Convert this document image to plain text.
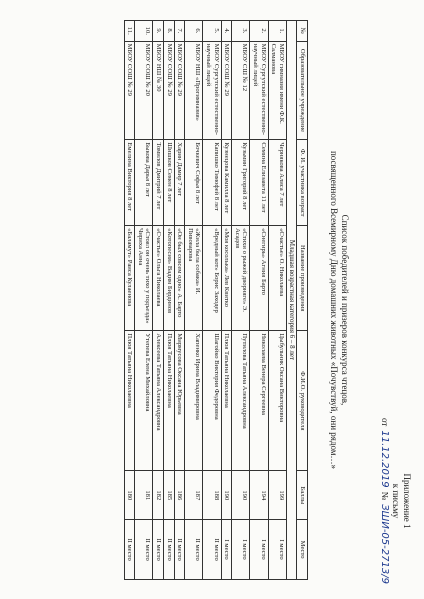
Приложение 1
к письму
от
11.12.2019
№
ЗШИ-05-2713/9
Список победителей и призеров конкурса чтецов,
посвященного Всемирному Дню домашних животных «Почувствуй, они рядом…»
№	Образовательное учреждение	Ф. И. участника возраст	Название произведения	Ф.И.О. руководителя	Баллы	Место
Младшая возрастная категория 6 – 8 лет						
1.	МБОУ гимназия имени Ф.К. Салманова	Чернякова Алиса 7 лет	«Счастье» О. Николаева	Цыбульник Оксана Викторовна	199	I место
2.	МБОУ Сургутский естественно-научный лицей	Семина Елизавета 11 лет	«Снегирь» Агния Барто	Николаева Венера Сергеевна	194	I место
3.	МБОУ СШ № 12	Кузьмин Григорий 8 лет	«Стихи о рыжей дворняге» Э. Асадов	Путилова Татьяна Александровна	190	I место
4.	МБОУ СОШ № 29	Кузнецова Камилла 8 лет	«Моя косолька» Лев Квитко	Плюя Татьяна Николаевна	190	I место
5.	МБОУ Сургутский естественно-научный лицей	Капишко Тимофей 8 лет	«Вредный кот» Борис Заходер	Шагойко Виктория Федоровна	188	II место
6.	МБОУ НШ «Прогимназия»	Бочкевич Софья 8 лет	«Жила была собака» И. Пивоварова	Хапенко Ирина Владимировна	187	II место
7.	МБОУ СОШ № 29	Харин Дамир 7 лет	«Он был совсем одно» А. Барто	Мирмусова Оксана Юрьевна	186	II место
8.	МБОУ СОШ № 29	Шишков Семен 8 лет	«Котопесия» Вадим Бирдинов	Плюя Татьяна Николаевна	185	II место
9.	МБОУ НШ № 30	Томилов Дмитрий 7 лет	«Счастье» Ольга Николаева	Алексеева Татьяна Александровна	182	II место
10.	МБОУ СОШ № 20	Быкова Дарья 8 лет	«Стоял он очень тихо у подъезда» Чириха Анна	Утепева Елена Михайловна	181	II место
11.	МБОУ СОШ № 29	Емелина Виктория 8 лет	«Баламут» Раиса Кулаенова	Плюя Татьяна Николаевна	180	II место
